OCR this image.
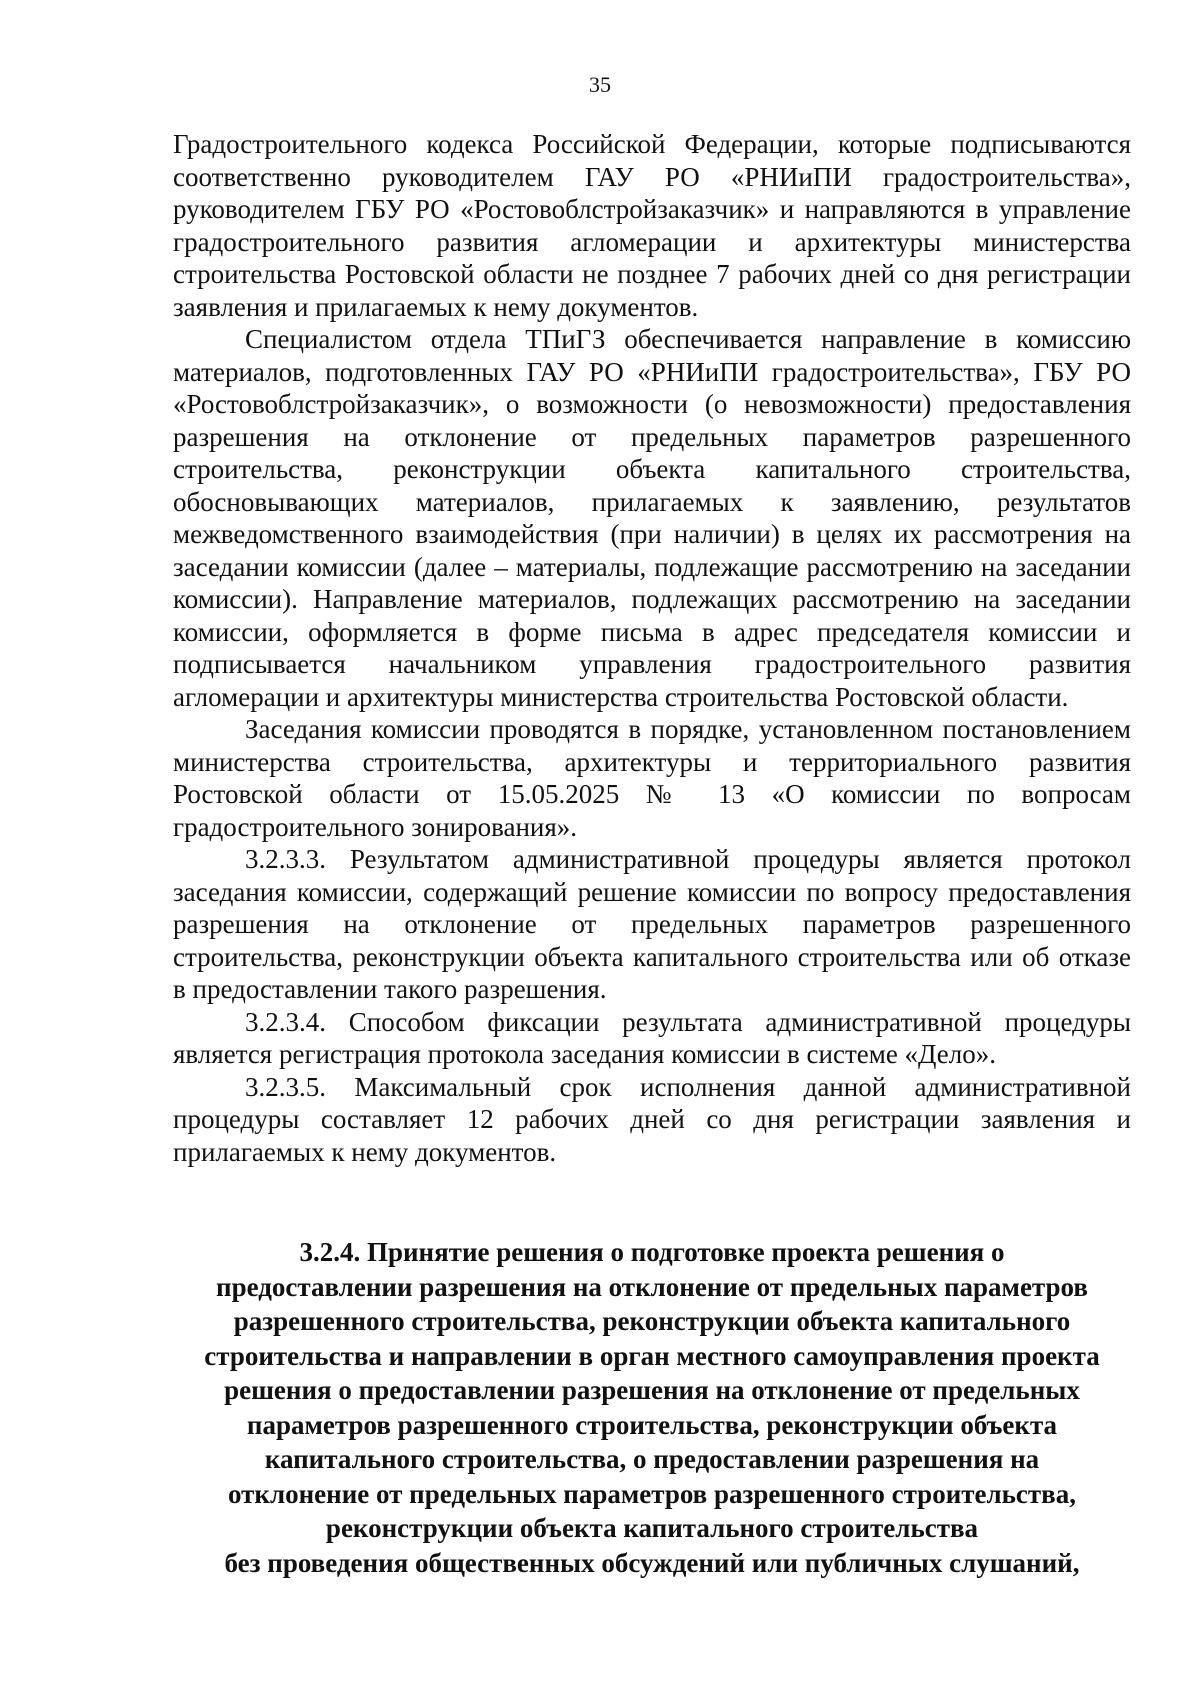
35

Градостроительного кодекса Российской Федерации, которые подписываются соответственно руководителем ГАУ РО «РНИиПИ градостроительства», руководителем ГБУ РО «Ростовоблстройзаказчик» и направляются в управление градостроительного развития агломерации и архитектуры министерства строительства Ростовской области не позднее 7 рабочих дней со дня регистрации заявления и прилагаемых к нему документов.

Специалистом отдела ТПиГЗ обеспечивается направление в комиссию материалов, подготовленных ГАУ РО «РНИиПИ градостроительства», ГБУ РО «Ростовоблстройзаказчик», о возможности (о невозможности) предоставления разрешения на отклонение от предельных параметров разрешенного строительства, реконструкции объекта капитального строительства, обосновывающих материалов, прилагаемых к заявлению, результатов межведомственного взаимодействия (при наличии) в целях их рассмотрения на заседании комиссии (далее – материалы, подлежащие рассмотрению на заседании комиссии). Направление материалов, подлежащих рассмотрению на заседании комиссии, оформляется в форме письма в адрес председателя комиссии и подписывается начальником управления градостроительного развития агломерации и архитектуры министерства строительства Ростовской области.

Заседания комиссии проводятся в порядке, установленном постановлением министерства строительства, архитектуры и территориального развития Ростовской области от 15.05.2025 № 13 «О комиссии по вопросам градостроительного зонирования».

3.2.3.3. Результатом административной процедуры является протокол заседания комиссии, содержащий решение комиссии по вопросу предоставления разрешения на отклонение от предельных параметров разрешенного строительства, реконструкции объекта капитального строительства или об отказе в предоставлении такого разрешения.

3.2.3.4. Способом фиксации результата административной процедуры является регистрация протокола заседания комиссии в системе «Дело».

3.2.3.5. Максимальный срок исполнения данной административной процедуры составляет 12 рабочих дней со дня регистрации заявления и прилагаемых к нему документов.

3.2.4. Принятие решения о подготовке проекта решения о
предоставлении разрешения на отклонение от предельных параметров
разрешенного строительства, реконструкции объекта капитального
строительства и направлении в орган местного самоуправления проекта
решения о предоставлении разрешения на отклонение от предельных
параметров разрешенного строительства, реконструкции объекта
капитального строительства, о предоставлении разрешения на
отклонение от предельных параметров разрешенного строительства,
реконструкции объекта капитального строительства
без проведения общественных обсуждений или публичных слушаний,
